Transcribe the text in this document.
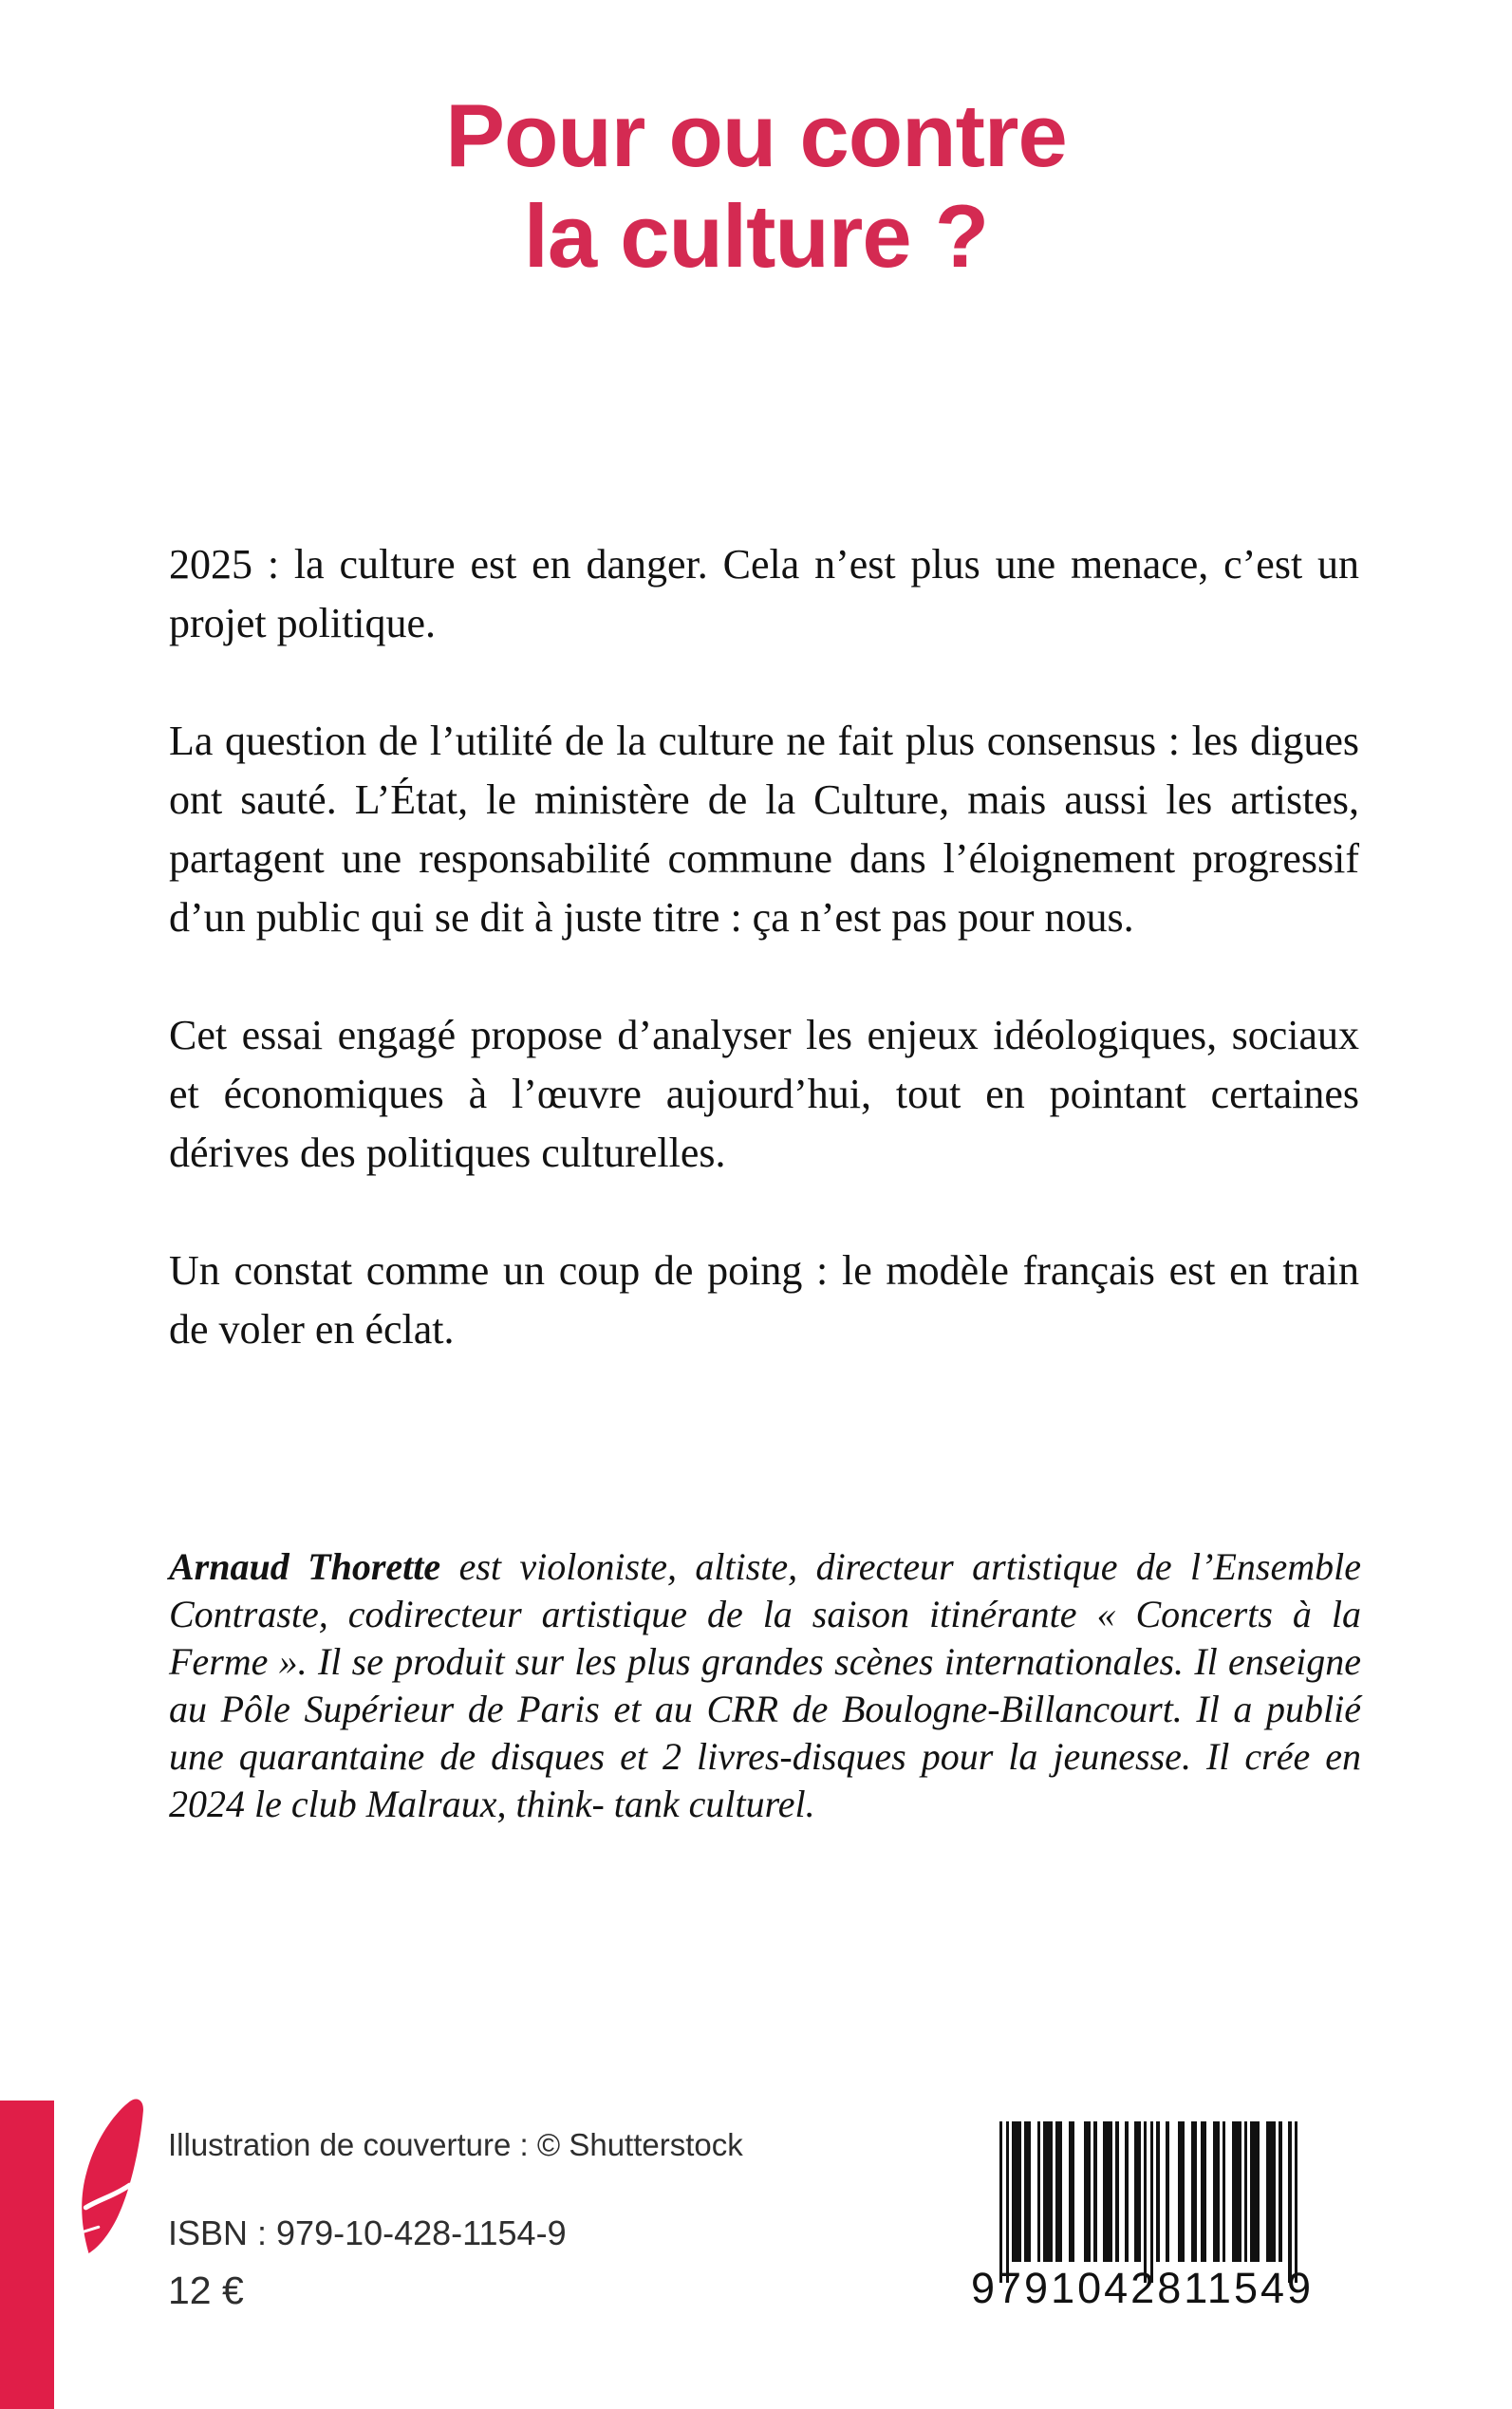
Pour ou contre
la culture ?

2025 : la culture est en danger. Cela n’est plus une menace, c’est un projet politique.

La question de l’utilité de la culture ne fait plus consensus : les digues ont sauté. L’État, le ministère de la Culture, mais aussi les artistes, partagent une responsabilité commune dans l’éloignement progressif d’un public qui se dit à juste titre : ça n’est pas pour nous.

Cet essai engagé propose d’analyser les enjeux idéologiques, sociaux et économiques à l’œuvre aujourd’hui, tout en pointant certaines dérives des politiques culturelles.

Un constat comme un coup de poing : le modèle français est en train de voler en éclat.

Arnaud Thorette est violoniste, altiste, directeur artistique de l’Ensemble Contraste, codirecteur artistique de la saison itinérante « Concerts à la Ferme ». Il se produit sur les plus grandes scènes internationales. Il enseigne au Pôle Supérieur de Paris et au CRR de Boulogne-Billancourt. Il a publié une quarantaine de disques et 2 livres-disques pour la jeunesse. Il crée en 2024 le club Malraux, think- tank culturel.

Illustration de couverture : © Shutterstock

ISBN : 979-10-428-1154-9

12 €	9 791042 811549
